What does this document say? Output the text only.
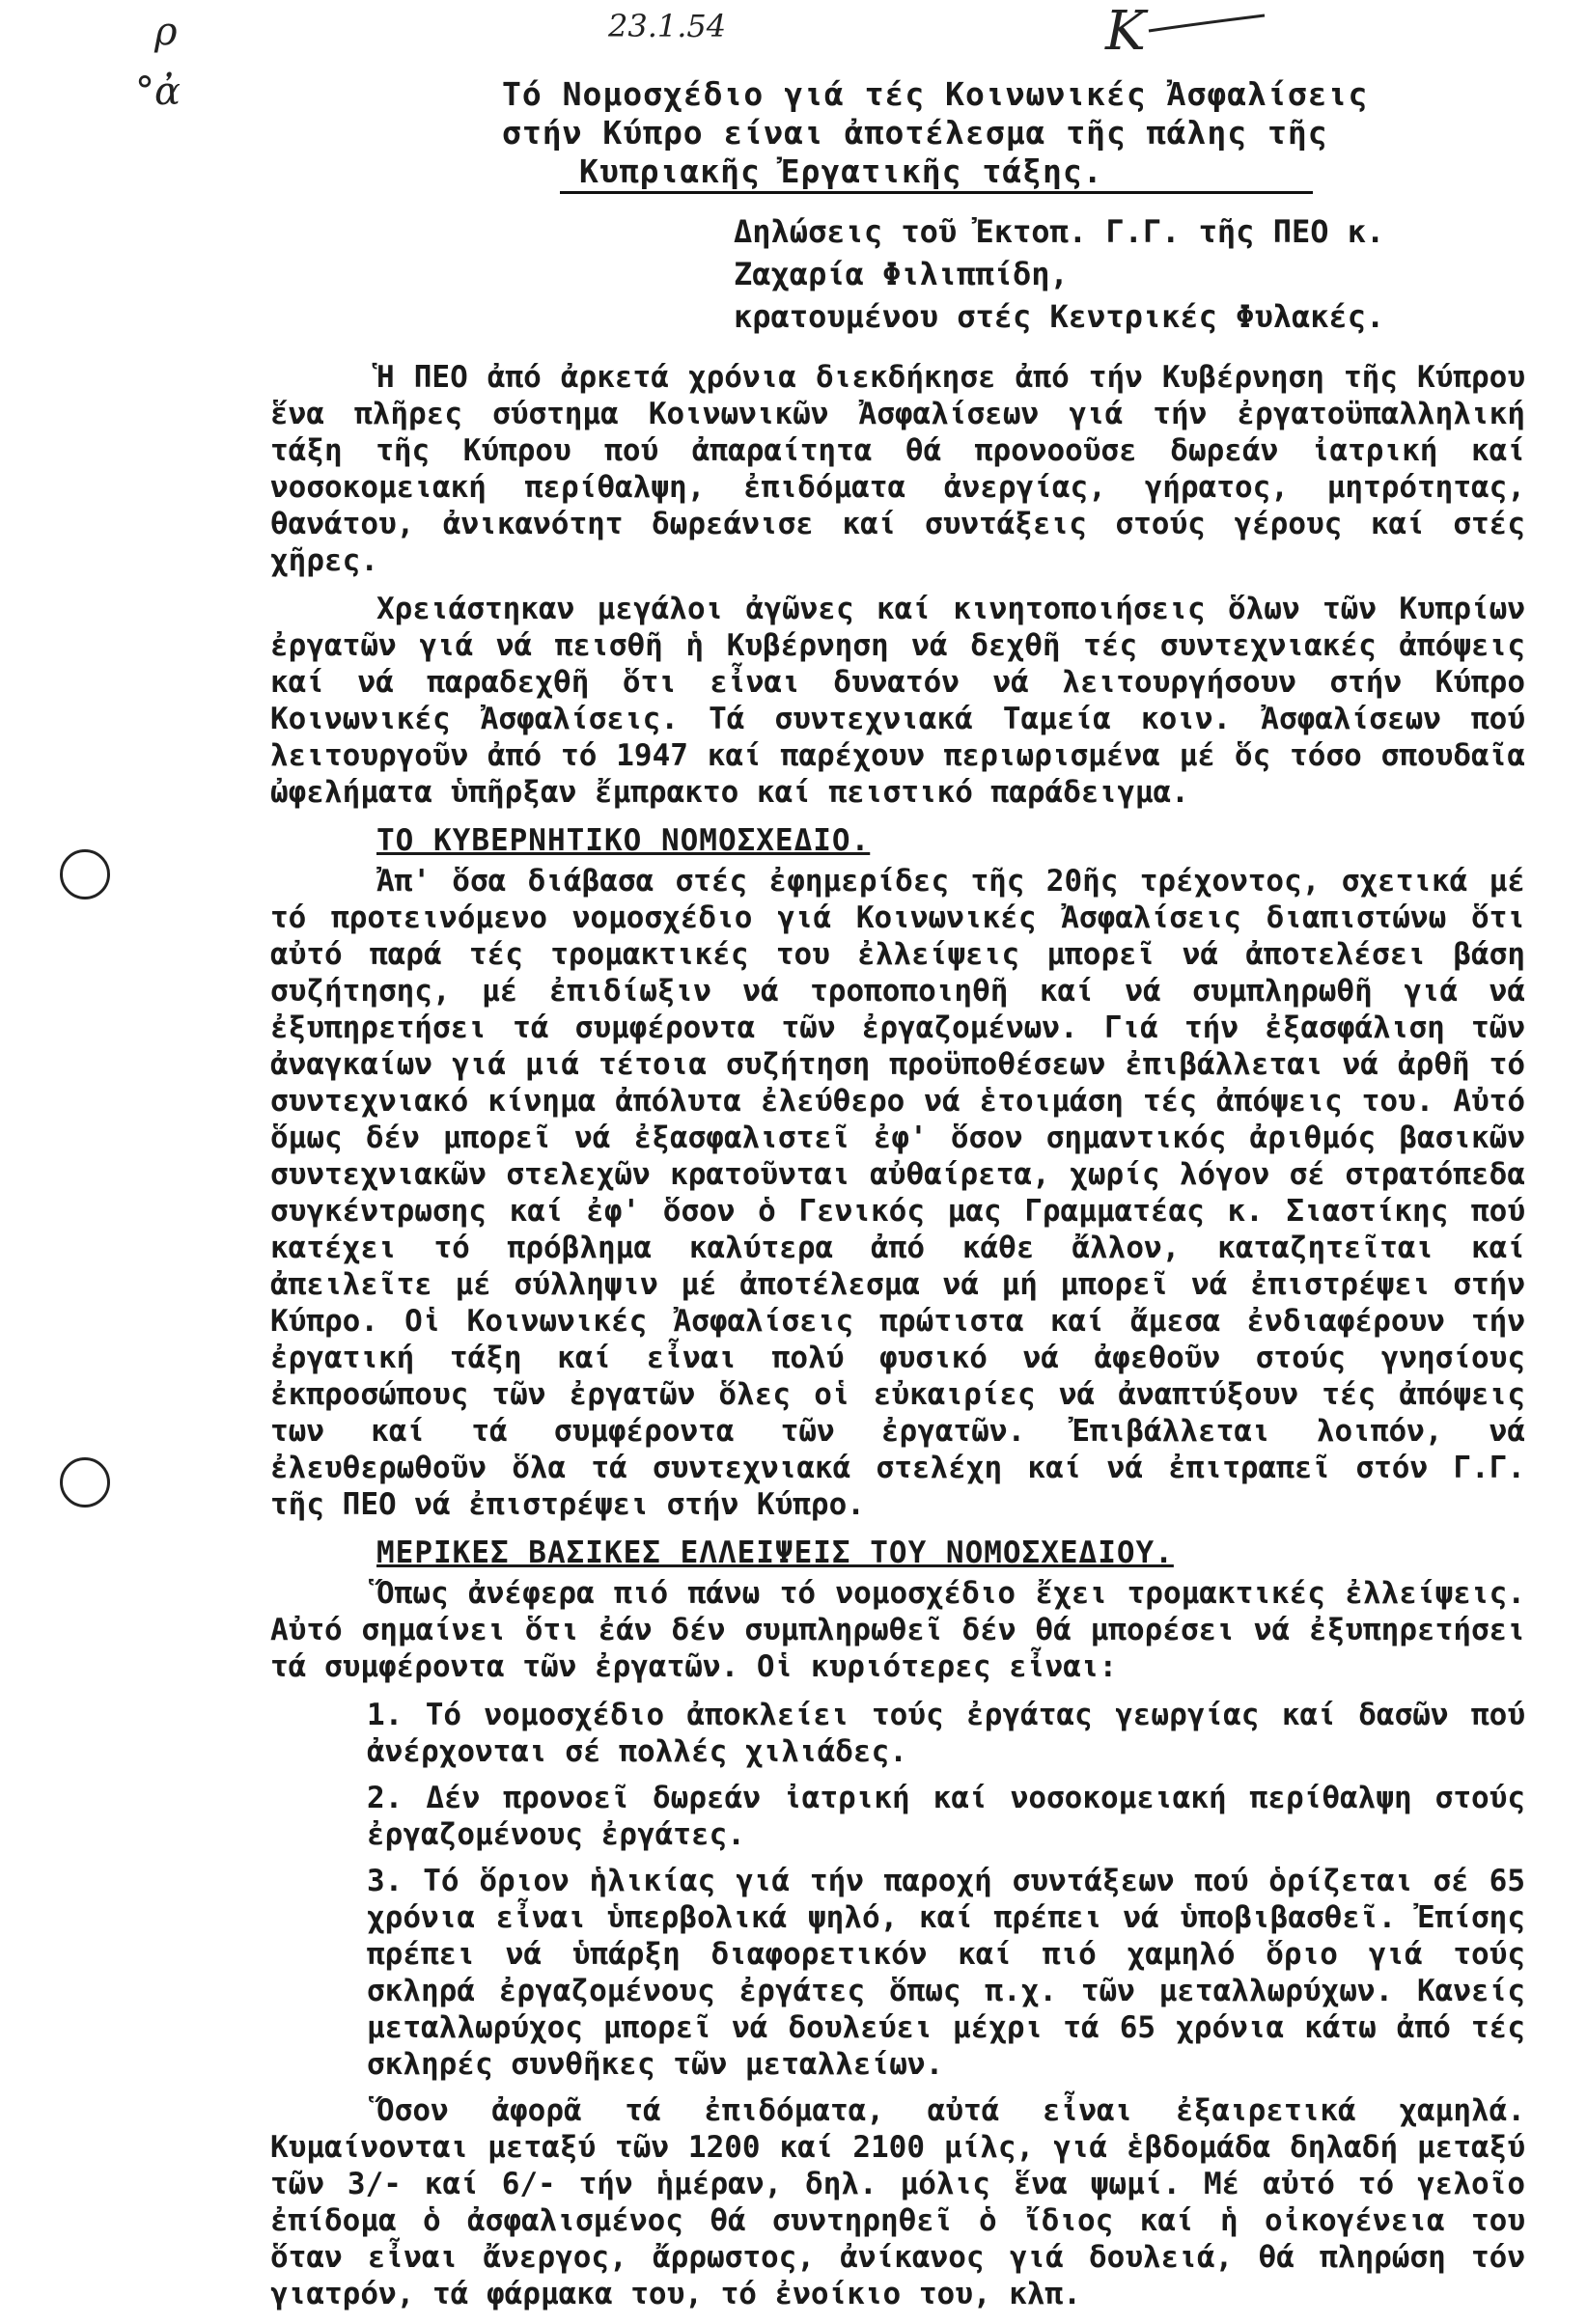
ρ
°ἀ
23.1.54	K
Τό Νομοσχέδιο γιά τές Κοινωνικές Ἀσφαλίσεις
στήν Κύπρο είναι ἀποτέλεσμα τῆς πάλης τῆς
Κυπριακῆς Ἐργατικῆς τάξης.
Δηλώσεις τοῦ Ἐκτοπ. Γ.Γ. τῆς ΠΕΟ κ.
Ζαχαρία Φιλιππίδη,
κρατουμένου στές Κεντρικές Φυλακές.

Ἡ ΠΕΟ ἀπό ἀρκετά χρόνια διεκδήκησε ἀπό τήν Κυβέρνηση τῆς Κύπρου ἕνα πλῆρες σύστημα Κοινωνικῶν Ἀσφαλίσεων γιά τήν ἐργατοϋπαλληλική τάξη τῆς Κύπρου πού ἀπαραίτητα θά προνοοῦσε δωρεάν ἰατρική καί νοσοκομειακή περίθαλψη, ἐπιδόματα ἀνεργίας, γήρατος, μητρότητας, θανάτου, ἀνικανότητ δωρεάνισε καί συντάξεις στούς γέρους καί στές χῆρες.

Χρειάστηκαν μεγάλοι ἀγῶνες καί κινητοποιήσεις ὅλων τῶν Κυπρίων ἐργατῶν γιά νά πεισθῆ ἡ Κυβέρνηση νά δεχθῆ τές συντεχνιακές ἀπόψεις καί νά παραδεχθῆ ὅτι εἶναι δυνατόν νά λειτουργήσουν στήν Κύπρο Κοινωνικές Ἀσφαλίσεις. Τά συντεχνιακά Ταμεία κοιν. Ἀσφαλίσεων πού λειτουργοῦν ἀπό τό 1947 καί παρέχουν περιωρισμένα μέ ὅς τόσο σπουδαῖα ὠφελήματα ὑπῆρξαν ἔμπρακτο καί πειστικό παράδειγμα.

ΤΟ ΚΥΒΕΡΝΗΤΙΚΟ ΝΟΜΟΣΧΕΔΙΟ.

Ἀπ' ὅσα διάβασα στές ἐφημερίδες τῆς 20ῆς τρέχοντος, σχετικά μέ τό προτεινόμενο νομοσχέδιο γιά Κοινωνικές Ἀσφαλίσεις διαπιστώνω ὅτι αὐτό παρά τές τρομακτικές του ἐλλείψεις μπορεῖ νά ἀποτελέσει βάση συζήτησης, μέ ἐπιδίωξιν νά τροποποιηθῆ καί νά συμπληρωθῆ γιά νά ἐξυπηρετήσει τά συμφέροντα τῶν ἐργαζομένων. Γιά τήν ἐξασφάλιση τῶν ἀναγκαίων γιά μιά τέτοια συζήτηση προϋποθέσεων ἐπιβάλλεται νά ἀρθῆ τό συντεχνιακό κίνημα ἀπόλυτα ἐλεύθερο νά ἑτοιμάση τές ἀπόψεις του. Αὐτό ὅμως δέν μπορεῖ νά ἐξασφαλιστεῖ ἐφ' ὅσον σημαντικός ἀριθμός βασικῶν συντεχνιακῶν στελεχῶν κρατοῦνται αὐθαίρετα, χωρίς λόγον σέ στρατόπεδα συγκέντρωσης καί ἐφ' ὅσον ὁ Γενικός μας Γραμματέας κ. Σιαστίκης πού κατέχει τό πρόβλημα καλύτερα ἀπό κάθε ἄλλον, καταζητεῖται καί ἀπειλεῖτε μέ σύλληψιν μέ ἀποτέλεσμα νά μή μπορεῖ νά ἐπιστρέψει στήν Κύπρο. Οἱ Κοινωνικές Ἀσφαλίσεις πρώτιστα καί ἄμεσα ἐνδιαφέρουν τήν ἐργατική τάξη καί εἶναι πολύ φυσικό νά ἀφεθοῦν στούς γνησίους ἐκπροσώπους τῶν ἐργατῶν ὅλες οἱ εὐκαιρίες νά ἀναπτύξουν τές ἀπόψεις των καί τά συμφέροντα τῶν ἐργατῶν. Ἐπιβάλλεται λοιπόν, νά ἐλευθερωθοῦν ὅλα τά συντεχνιακά στελέχη καί νά ἐπιτραπεῖ στόν Γ.Γ. τῆς ΠΕΟ νά ἐπιστρέψει στήν Κύπρο.

ΜΕΡΙΚΕΣ ΒΑΣΙΚΕΣ ΕΛΛΕΙΨΕΙΣ ΤΟΥ ΝΟΜΟΣΧΕΔΙΟΥ.

Ὅπως ἀνέφερα πιό πάνω τό νομοσχέδιο ἔχει τρομακτικές ἐλλείψεις. Αὐτό σημαίνει ὅτι ἐάν δέν συμπληρωθεῖ δέν θά μπορέσει νά ἐξυπηρετήσει τά συμφέροντα τῶν ἐργατῶν. Οἱ κυριότερες εἶναι:

1. Τό νομοσχέδιο ἀποκλείει τούς ἐργάτας γεωργίας καί δασῶν πού ἀνέρχονται σέ πολλές χιλιάδες.

2. Δέν προνοεῖ δωρεάν ἰατρική καί νοσοκομειακή περίθαλψη στούς ἐργαζομένους ἐργάτες.

3. Τό ὅριον ἡλικίας γιά τήν παροχή συντάξεων πού ὁρίζεται σέ 65 χρόνια εἶναι ὑπερβολικά ψηλό, καί πρέπει νά ὑποβιβασθεῖ. Ἐπίσης πρέπει νά ὑπάρξη διαφορετικόν καί πιό χαμηλό ὅριο γιά τούς σκληρά ἐργαζομένους ἐργάτες ὅπως π.χ. τῶν μεταλλωρύχων. Κανείς μεταλλωρύχος μπορεῖ νά δουλεύει μέχρι τά 65 χρόνια κάτω ἀπό τές σκληρές συνθῆκες τῶν μεταλλείων.

Ὅσον ἀφορᾶ τά ἐπιδόματα, αὐτά εἶναι ἐξαιρετικά χαμηλά. Κυμαίνονται μεταξύ τῶν 1200 καί 2100 μίλς, γιά ἑβδομάδα δηλαδή μεταξύ τῶν 3/- καί 6/- τήν ἡμέραν, δηλ. μόλις ἕνα ψωμί. Μέ αὐτό τό γελοῖο ἐπίδομα ὁ ἀσφαλισμένος θά συντηρηθεῖ ὁ ἴδιος καί ἡ οἰκογένεια του ὅταν εἶναι ἄνεργος, ἄρρωστος, ἀνίκανος γιά δουλειά, θά πληρώση τόν γιατρόν, τά φάρμακα του, τό ἐνοίκιο του, κλπ.
